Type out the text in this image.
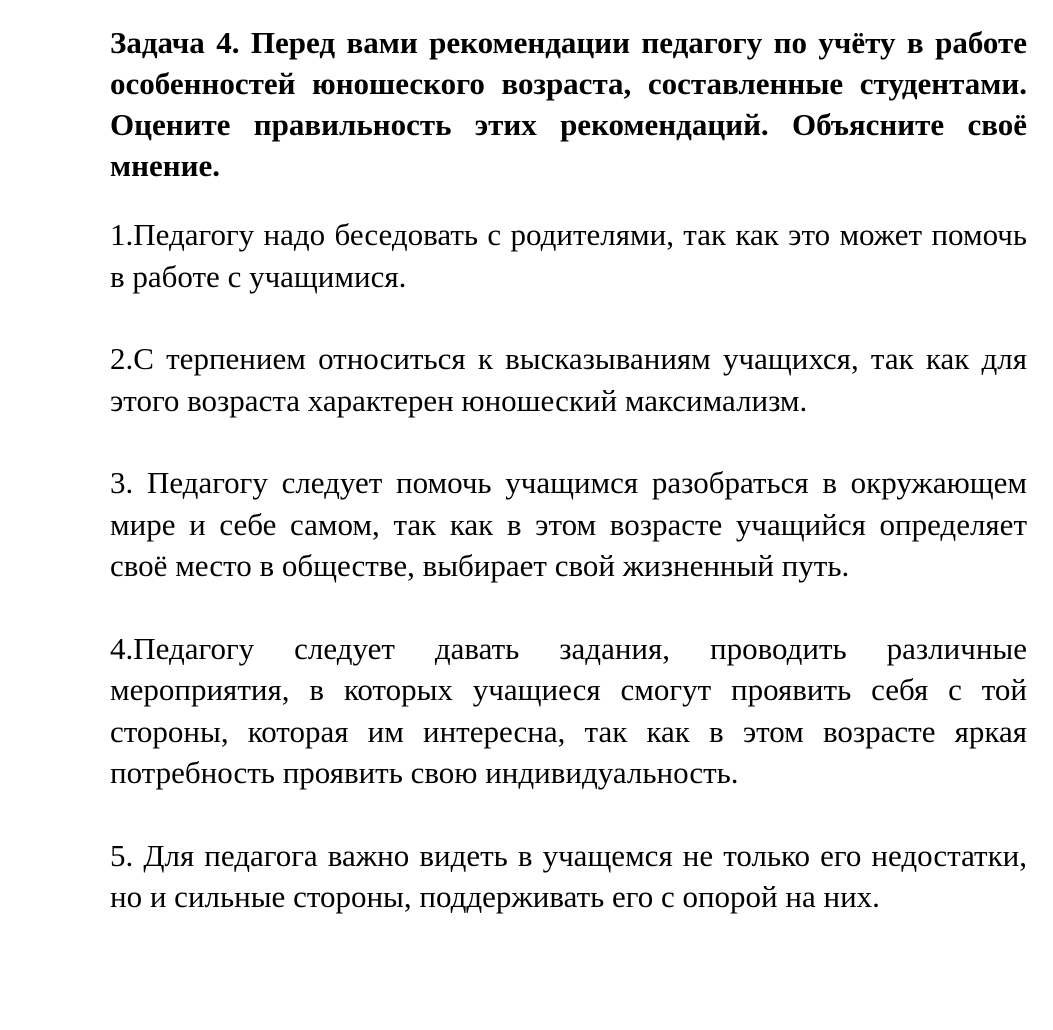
Задача 4. Перед вами рекомендации педагогу по учёту в работе особенностей юношеского возраста, составленные студентами. Оцените правильность этих рекомендаций. Объясните своё мнение.

1.Педагогу надо беседовать с родителями, так как это может помочь в работе с учащимися.

2.С терпением относиться к высказываниям учащихся, так как для этого возраста характерен юношеский максимализм.

3. Педагогу следует помочь учащимся разобраться в окружающем мире и себе самом, так как в этом возрасте учащийся определяет своё место в обществе, выбирает свой жизненный путь.

4.Педагогу следует давать задания, проводить различные мероприятия, в которых учащиеся смогут проявить себя с той стороны, которая им интересна, так как в этом возрасте яркая потребность проявить свою индивидуальность.

5. Для педагога важно видеть в учащемся не только его недостатки, но и сильные стороны, поддерживать его с опорой на них.
